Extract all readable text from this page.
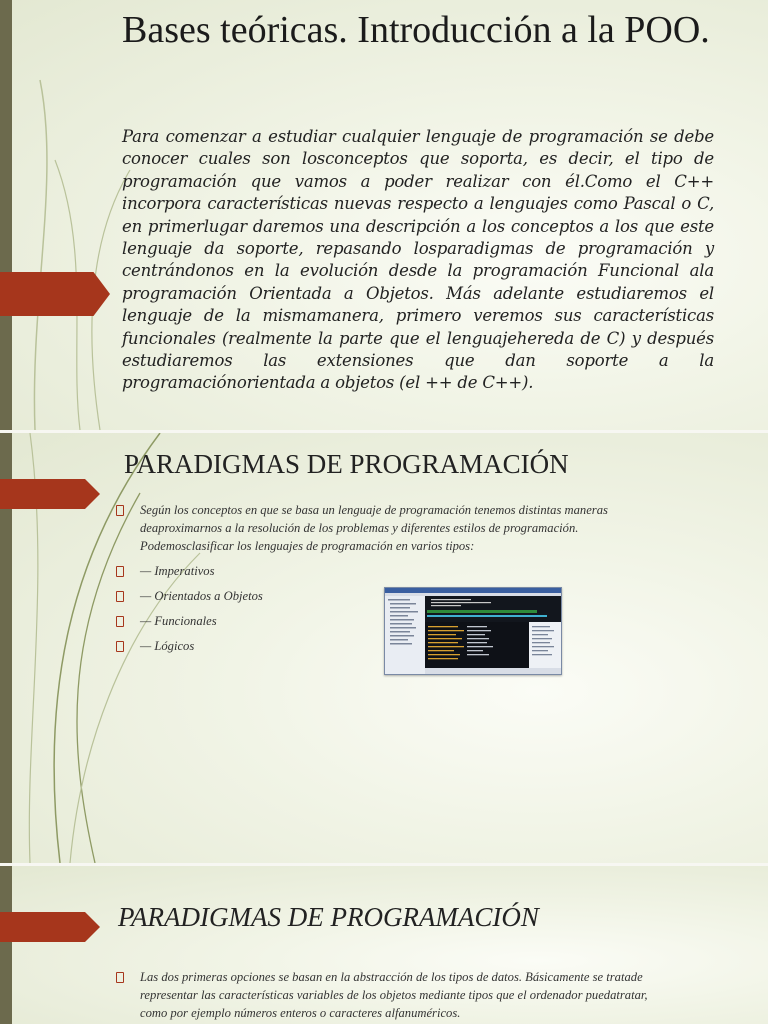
Bases teóricas. Introducción a la POO.

Para comenzar a estudiar cualquier lenguaje de programación se debe conocer cuales son losconceptos que soporta, es decir, el tipo de programación que vamos a poder realizar con él.Como el C++ incorpora características nuevas respecto a lenguajes como Pascal o C, en primerlugar daremos una descripción a los conceptos a los que este lenguaje da soporte, repasando losparadigmas de programación y centrándonos en la evolución desde la programación Funcional ala programación Orientada a Objetos. Más adelante estudiaremos el lenguaje de la mismamanera, primero veremos sus características funcionales (realmente la parte que el lenguajehereda de C) y después estudiaremos las extensiones que dan soporte a la programaciónorientada a objetos (el ++ de C++).

PARADIGMAS DE PROGRAMACIÓN
Según los conceptos en que se basa un lenguaje de programación tenemos distintas maneras deaproximarnos a la resolución de los problemas y diferentes estilos de programación. Podemosclasificar los lenguajes de programación en varios tipos:
— Imperativos
— Orientados a Objetos
— Funcionales
— Lógicos
PARADIGMAS DE PROGRAMACIÓN
Las dos primeras opciones se basan en la abstracción de los tipos de datos. Básicamente se tratade representar las características variables de los objetos mediante tipos que el ordenador puedatratar, como por ejemplo números enteros o caracteres alfanuméricos.
